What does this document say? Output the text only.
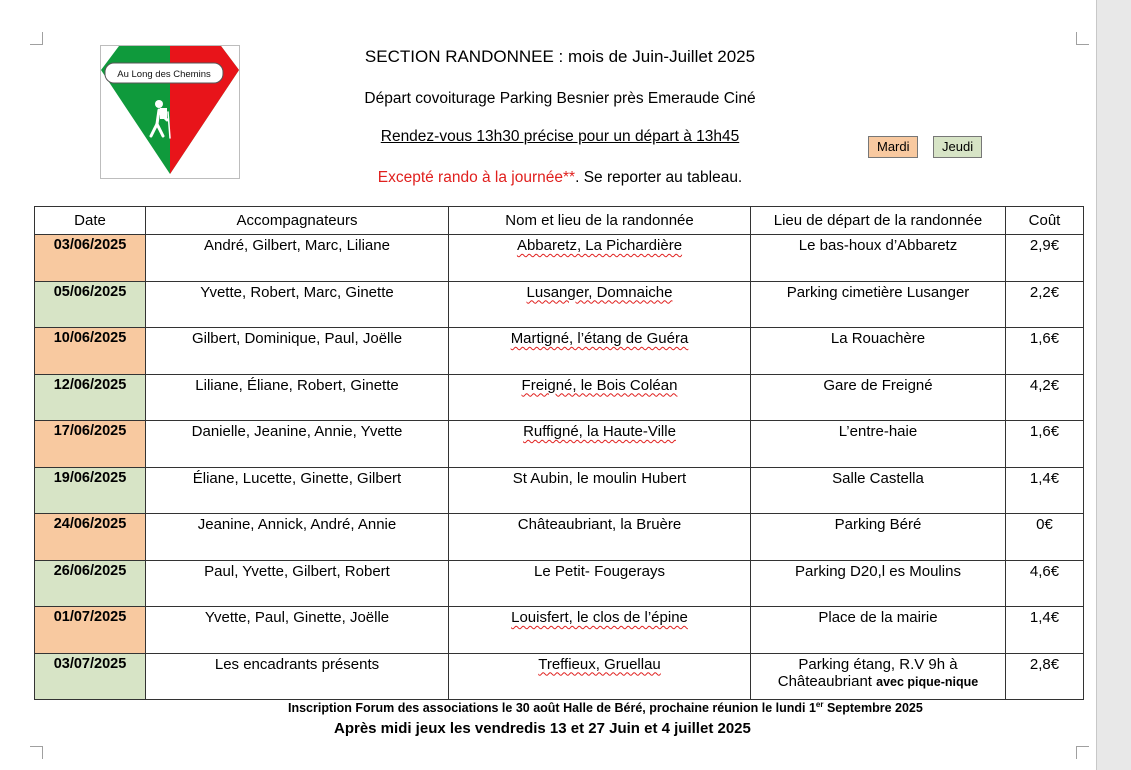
Au Long des Chemins
SECTION RANDONNEE : mois de Juin-Juillet 2025
Départ covoiturage Parking Besnier près Emeraude Ciné
Rendez-vous 13h30 précise pour un départ à 13h45
Excepté rando à la journée**. Se reporter au tableau.
Mardi	Jeudi
Date	Accompagnateurs	Nom et lieu de la randonnée	Lieu de départ de la randonnée	Coût
03/06/2025	André, Gilbert, Marc, Liliane	Abbaretz, La Pichardière	Le bas-houx d’Abbaretz	2,9€
05/06/2025	Yvette, Robert, Marc, Ginette	Lusanger, Domnaiche	Parking cimetière Lusanger	2,2€
10/06/2025	Gilbert, Dominique, Paul, Joëlle	Martigné, l’étang de Guéra	La Rouachère	1,6€
12/06/2025	Liliane, Éliane, Robert, Ginette	Freigné, le Bois Coléan	Gare de Freigné	4,2€
17/06/2025	Danielle, Jeanine, Annie, Yvette	Ruffigné, la Haute-Ville	L’entre-haie	1,6€
19/06/2025	Éliane, Lucette, Ginette, Gilbert	St Aubin, le moulin Hubert	Salle Castella	1,4€
24/06/2025	Jeanine, Annick, André, Annie	Châteaubriant, la Bruère	Parking Béré	0€
26/06/2025	Paul, Yvette, Gilbert, Robert	Le Petit- Fougerays	Parking D20,l es Moulins	4,6€
01/07/2025	Yvette, Paul, Ginette, Joëlle	Louisfert, le clos de l’épine	Place de la mairie	1,4€
03/07/2025	Les encadrants présents	Treffieux, Gruellau	Parking étang, R.V 9h à Châteaubriant avec pique-nique	2,8€
Inscription Forum des associations le 30 août Halle de Béré, prochaine réunion le lundi 1er Septembre 2025
Après midi jeux les vendredis 13 et 27 Juin et 4 juillet 2025
